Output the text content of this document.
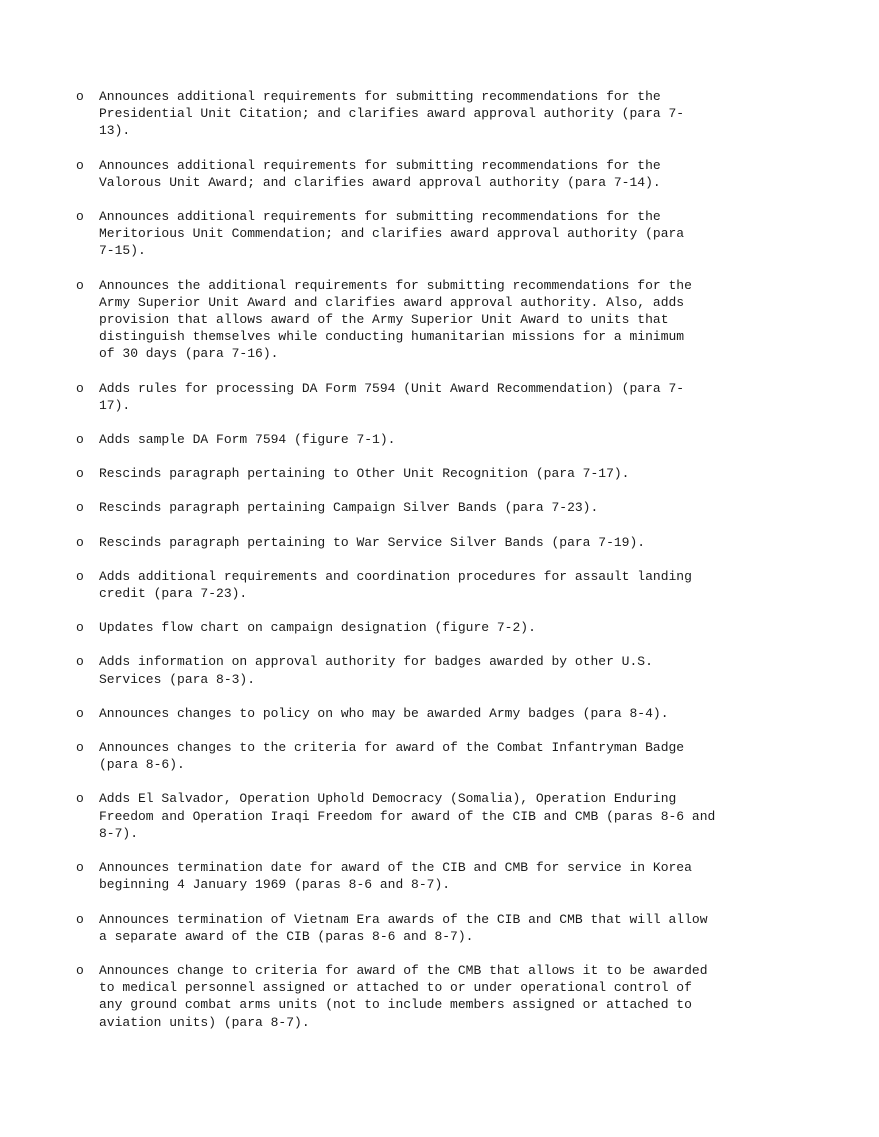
o Announces additional requirements for submitting recommendations for the
Presidential Unit Citation; and clarifies award approval authority (para 7-
13).
o Announces additional requirements for submitting recommendations for the
Valorous Unit Award; and clarifies award approval authority (para 7-14).
o Announces additional requirements for submitting recommendations for the
Meritorious Unit Commendation; and clarifies award approval authority (para
7-15).
o Announces the additional requirements for submitting recommendations for the
Army Superior Unit Award and clarifies award approval authority. Also, adds
provision that allows award of the Army Superior Unit Award to units that
distinguish themselves while conducting humanitarian missions for a minimum
of 30 days (para 7-16).
o Adds rules for processing DA Form 7594 (Unit Award Recommendation) (para 7-
17).
o Adds sample DA Form 7594 (figure 7-1).
o Rescinds paragraph pertaining to Other Unit Recognition (para 7-17).
o Rescinds paragraph pertaining Campaign Silver Bands (para 7-23).
o Rescinds paragraph pertaining to War Service Silver Bands (para 7-19).
o Adds additional requirements and coordination procedures for assault landing
credit (para 7-23).
o Updates flow chart on campaign designation (figure 7-2).
o Adds information on approval authority for badges awarded by other U.S.
Services (para 8-3).
o Announces changes to policy on who may be awarded Army badges (para 8-4).
o Announces changes to the criteria for award of the Combat Infantryman Badge
(para 8-6).
o Adds El Salvador, Operation Uphold Democracy (Somalia), Operation Enduring
Freedom and Operation Iraqi Freedom for award of the CIB and CMB (paras 8-6 and
8-7).
o Announces termination date for award of the CIB and CMB for service in Korea
beginning 4 January 1969 (paras 8-6 and 8-7).
o Announces termination of Vietnam Era awards of the CIB and CMB that will allow
a separate award of the CIB (paras 8-6 and 8-7).
o Announces change to criteria for award of the CMB that allows it to be awarded
to medical personnel assigned or attached to or under operational control of
any ground combat arms units (not to include members assigned or attached to
aviation units) (para 8-7).
